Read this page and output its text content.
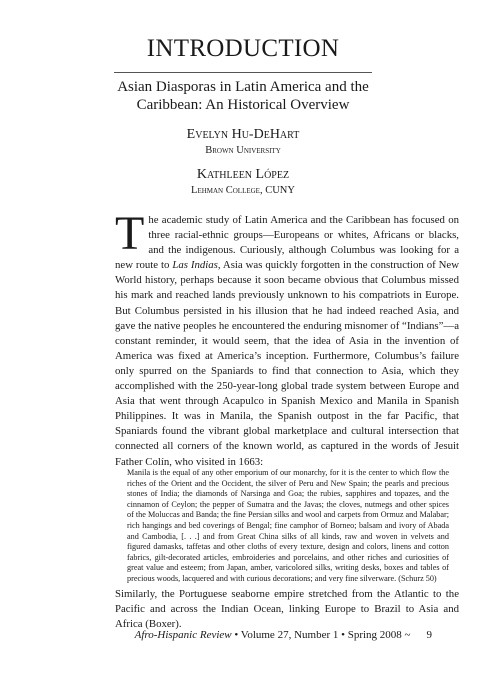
INTRODUCTION
Asian Diasporas in Latin America and the
Caribbean: An Historical Overview
Evelyn Hu-DeHart
Brown University
Kathleen López
Lehman College, CUNY

The academic study of Latin America and the Caribbean has focused on three racial-ethnic groups—Europeans or whites, Africans or blacks, and the indigenous. Curiously, although Columbus was looking for a new route to Las Indias, Asia was quickly forgotten in the construction of New World history, perhaps because it soon became obvious that Columbus missed his mark and reached lands previously unknown to his compatriots in Europe. But Columbus persisted in his illusion that he had indeed reached Asia, and gave the native peoples he encountered the enduring misnomer of “Indians”—a constant reminder, it would seem, that the idea of Asia in the invention of America was fixed at America’s inception. Furthermore, Columbus’s failure only spurred on the Spaniards to find that connection to Asia, which they accomplished with the 250-year-long global trade system between Europe and Asia that went through Acapulco in Spanish Mexico and Manila in Spanish Philippines. It was in Manila, the Spanish outpost in the far Pacific, that Spaniards found the vibrant global marketplace and cultural intersection that connected all corners of the known world, as captured in the words of Jesuit Father Colín, who visited in 1663:

Manila is the equal of any other emporium of our monarchy, for it is the center to which flow the riches of the Orient and the Occident, the silver of Peru and New Spain; the pearls and precious stones of India; the diamonds of Narsinga and Goa; the rubies, sapphires and topazes, and the cinnamon of Ceylon; the pepper of Sumatra and the Javas; the cloves, nutmegs and other spices of the Moluccas and Banda; the fine Persian silks and wool and carpets from Ormuz and Malabar; rich hangings and bed coverings of Bengal; fine camphor of Borneo; balsam and ivory of Abada and Cambodia, [. . .] and from Great China silks of all kinds, raw and woven in velvets and figured damasks, taffetas and other cloths of every texture, design and colors, linens and cotton fabrics, gilt-decorated articles, embroideries and porcelains, and other riches and curiosities of great value and esteem; from Japan, amber, varicolored silks, writing desks, boxes and tables of precious woods, lacquered and with curious decorations; and very fine silverware. (Schurz 50)
Similarly, the Portuguese seaborne empire stretched from the Atlantic to the Pacific and across the Indian Ocean, linking Europe to Brazil to Asia and Africa (Boxer).
Afro-Hispanic Review • Volume 27, Number 1 • Spring 2008 ~ 9
